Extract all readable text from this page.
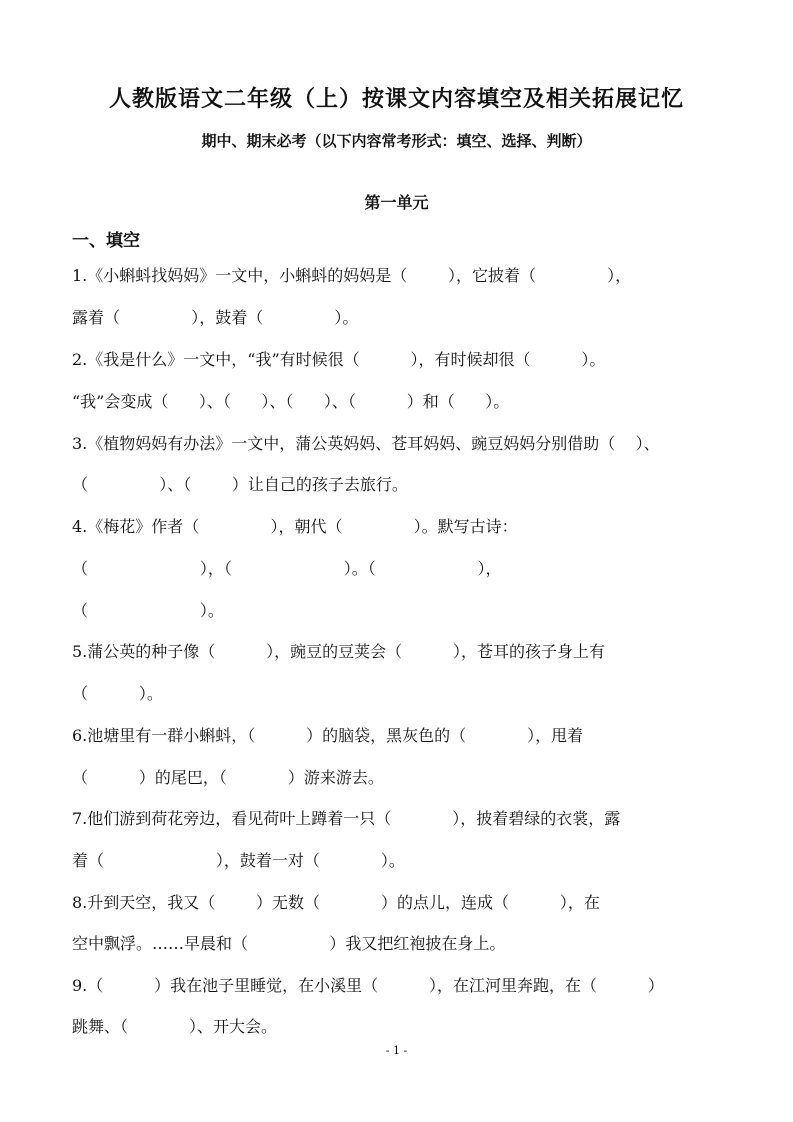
人教版语文二年级（上）按课文内容填空及相关拓展记忆
期中、期末必考（以下内容常考形式：填空、选择、判断）
第一单元
一、填空
1.《小蝌蚪找妈妈》一文中，小蝌蚪的妈妈是（        ），它披着（              ），
露着（              ），鼓着（              ）。
2.《我是什么》一文中，“我”有时候很（          ），有时候却很（          ）。
“我”会变成（      ）、（      ）、（      ）、（          ）和（      ）。
3.《植物妈妈有办法》一文中，蒲公英妈妈、苍耳妈妈、豌豆妈妈分别借助（    ）、
（              ）、（        ）让自己的孩子去旅行。
4.《梅花》作者（              ），朝代（              ）。默写古诗：
（                      ），（                      ）。（                    ），
（                      ）。
5.蒲公英的种子像（          ），豌豆的豆荚会（          ），苍耳的孩子身上有
（          ）。
6.池塘里有一群小蝌蚪，（          ）的脑袋，黑灰色的（            ），甩着
（          ）的尾巴，（            ）游来游去。
7.他们游到荷花旁边，看见荷叶上蹲着一只（            ），披着碧绿的衣裳，露
着（                      ），鼓着一对（            ）。
8.升到天空，我又（        ）无数（            ）的点儿，连成（          ），在
空中飘浮。……早晨和（                ）我又把红袍披在身上。
9.（          ）我在池子里睡觉，在小溪里（          ），在江河里奔跑，在（          ）
跳舞、（            ）、开大会。
- 1 -
